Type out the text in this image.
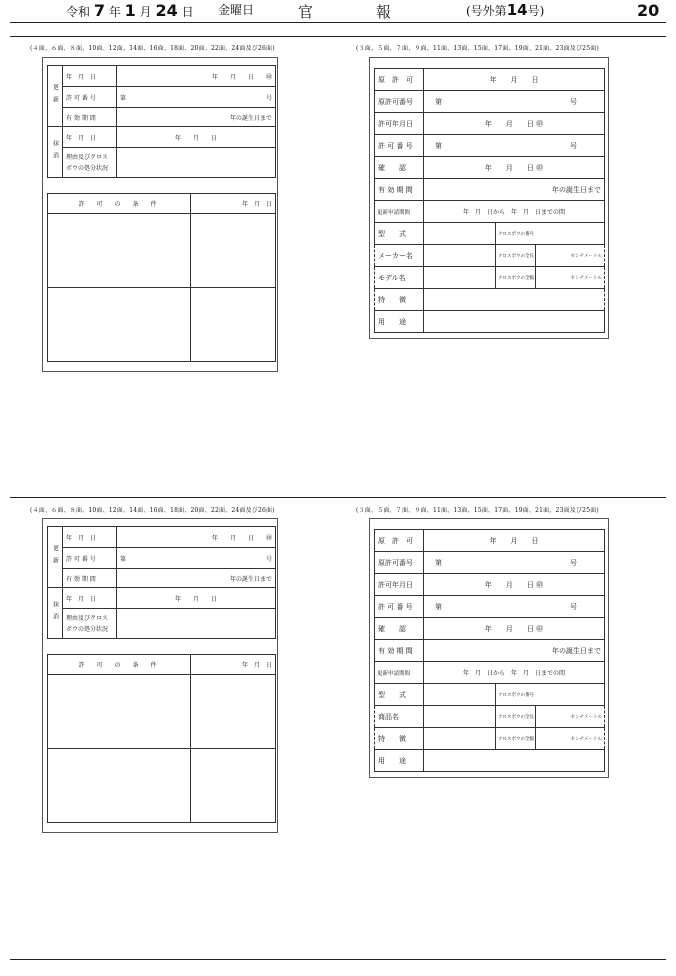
令和 7 年 1 月 24 日 金曜日	官	報	(号外第14号)	20
(４面、６面、８面、10面、12面、14面、16面、18面、20面、22面、24面及び26面)	(３面、５面、７面、９面、11面、13面、15面、17面、19面、21面、23面及び25面)
更新	年　月　日	年　　月　　日　　㊞
	許 可 番 号	第 号

	有 効 期 間	年の誕生日まで
抹消	年　月　日	年　　月　　日
	理由及びクロス
ボウの処分状況	
許　可　の　条　件	年　月　日

原　許　可	年　　月　　日		
原許可番号	第 号		

許可年月日	年　　月　　日 ㊞		
許 可 番 号	第 号		

確　　認	年　　月　　日 ㊞		
有 効 期 間	年の誕生日まで		
更新申請期間	年　月　日から　年　月　日までの間		
型　　式		クロスボウの番号	
メーカー名		クロスボウの全長	センチメートル
モデル名		クロスボウの全幅	センチメートル
特　　徴			
用　　途			
(４面、６面、８面、10面、12面、14面、16面、18面、20面、22面、24面及び26面)	(３面、５面、７面、９面、11面、13面、15面、17面、19面、21面、23面及び25面)
更新	年　月　日	年　　月　　日　　㊞
	許 可 番 号	第 号

	有 効 期 間	年の誕生日まで
抹消	年　月　日	年　　月　　日
	理由及びクロス
ボウの処分状況	
許　可　の　条　件	年　月　日

原　許　可	年　　月　　日		
原許可番号	第 号		

許可年月日	年　　月　　日 ㊞		
許 可 番 号	第 号		

確　　認	年　　月　　日 ㊞		
有 効 期 間	年の誕生日まで		
更新申請期間	年　月　日から　年　月　日までの間		
型　　式		クロスボウの番号	
商品名		クロスボウの全長	センチメートル
特　　徴		クロスボウの全幅	センチメートル
用　　途			
